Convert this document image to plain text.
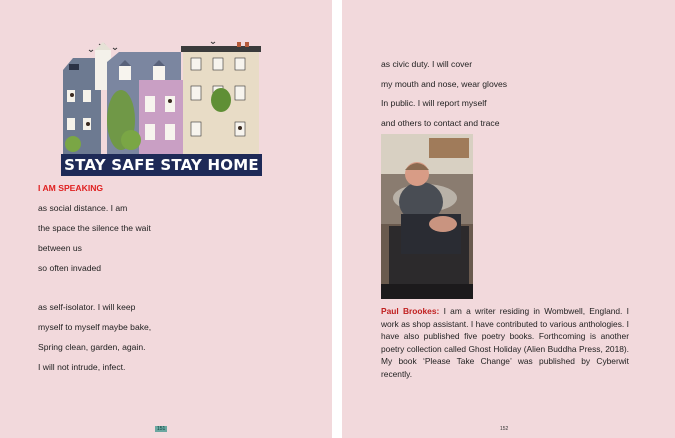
STAY SAFE STAY HOME
I AM SPEAKING
as social distance. I am
the space the silence the wait
between us
so often invaded
as self-isolator. I will keep
myself to myself maybe bake,
Spring clean, garden, again.
I will not intrude, infect.
151
as civic duty. I will cover
my mouth and nose, wear gloves
In public. I will report myself
and others to contact and trace
Paul Brookes: I am a writer residing in Wombwell, England. I work as shop assistant. I have contributed to various anthologies. I have also published five poetry books. Forthcoming is another poetry collection called Ghost Holiday (Alien Buddha Press, 2018). My book ‘Please Take Change’ was published by Cyberwit recently.
152
